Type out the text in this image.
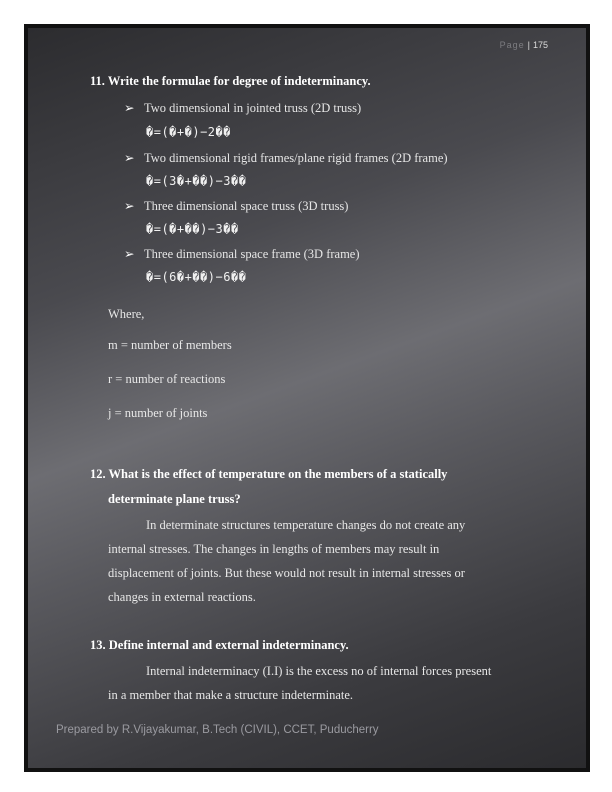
Page | 175
11. Write the formulae for degree of indeterminancy.
➢ Two dimensional in jointed truss (2D truss)
�=(�+�)−2��
➢ Two dimensional rigid frames/plane rigid frames (2D frame)
�=(3�+��)−3��
➢ Three dimensional space truss (3D truss)
�=(�+��)−3��
➢ Three dimensional space frame (3D frame)
�=(6�+��)−6��
Where,
m = number of members
r = number of reactions
j = number of joints
12. What is the effect of temperature on the members of a statically
determinate plane truss?
In determinate structures temperature changes do not create any
internal stresses. The changes in lengths of members may result in
displacement of joints. But these would not result in internal stresses or
changes in external reactions.
13. Define internal and external indeterminancy.
Internal indeterminacy (I.I) is the excess no of internal forces present
in a member that make a structure indeterminate.
Prepared by R.Vijayakumar, B.Tech (CIVIL), CCET, Puducherry
